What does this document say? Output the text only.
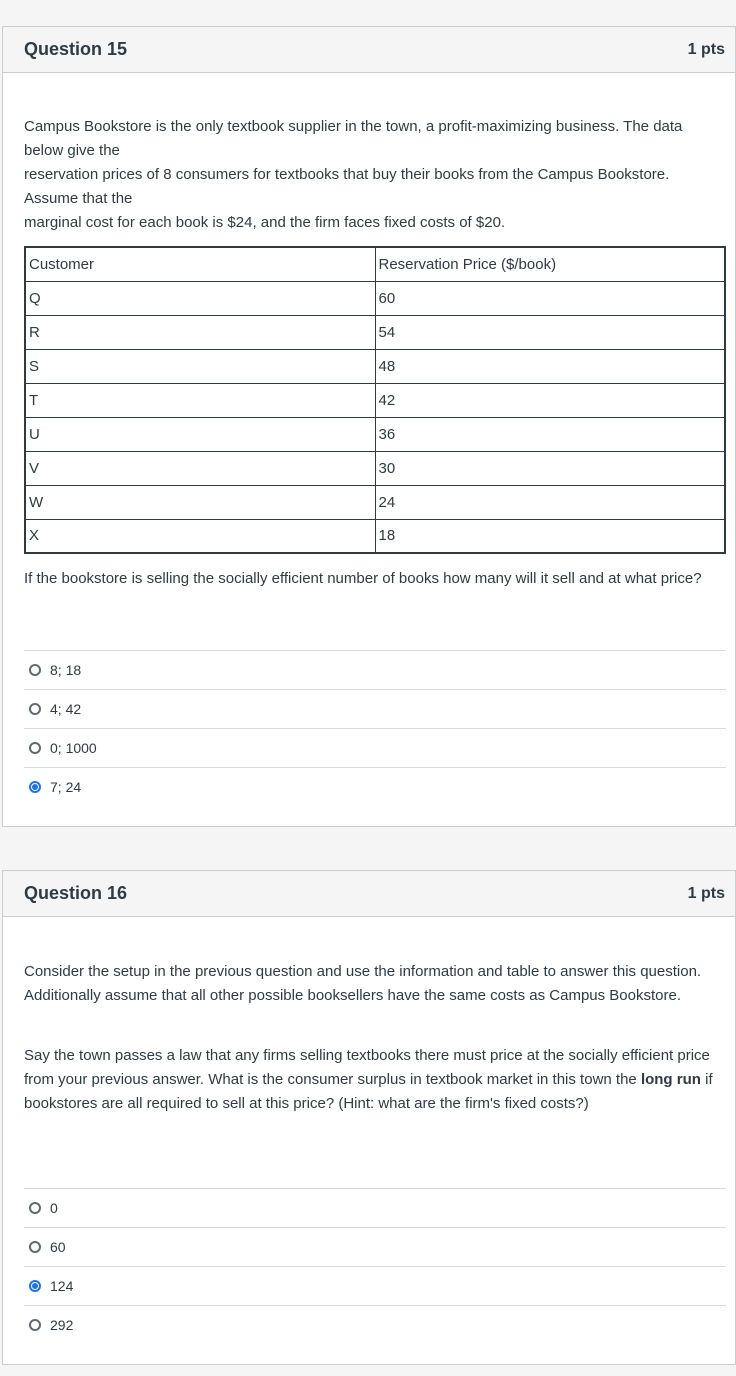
Question 15	1 pts

Campus Bookstore is the only textbook supplier in the town, a profit-maximizing business. The data below give the

reservation prices of 8 consumers for textbooks that buy their books from the Campus Bookstore. Assume that the

marginal cost for each book is $24, and the firm faces fixed costs of $20.

Customer	Reservation Price ($/book)
Q	60
R	54
S	48
T	42
U	36
V	30
W	24
X	18
If the bookstore is selling the socially efficient number of books how many will it sell and at what price?
8; 18
4; 42
0; 1000
7; 24
Question 16	1 pts
Consider the setup in the previous question and use the information and table to answer this question. Additionally assume that all other possible booksellers have the same costs as Campus Bookstore.
Say the town passes a law that any firms selling textbooks there must price at the socially efficient price from your previous answer. What is the consumer surplus in textbook market in this town the long run if bookstores are all required to sell at this price? (Hint: what are the firm's fixed costs?)
0
60
124
292
